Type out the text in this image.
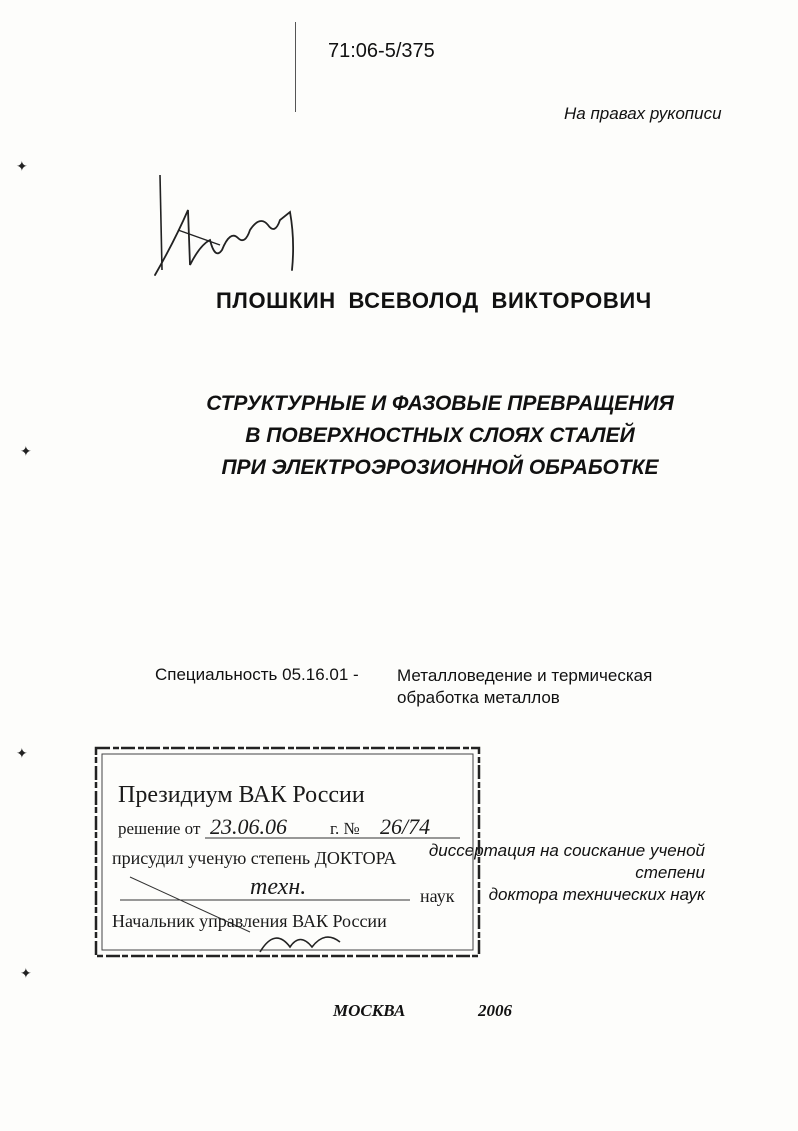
71:06-5/375
На правах рукописи
✦
✦
✦
✦
ПЛОШКИН ВСЕВОЛОД ВИКТОРОВИЧ
СТРУКТУРНЫЕ И ФАЗОВЫЕ ПРЕВРАЩЕНИЯ
В ПОВЕРХНОСТНЫХ СЛОЯХ СТАЛЕЙ
ПРИ ЭЛЕКТРОЭРОЗИОННОЙ ОБРАБОТКЕ
Специальность 05.16.01 - Металловедение и термическая
обработка металлов
диссертация на соискание ученой степени
доктора технических наук
Президиум ВАК России
решение от 23.06.06	г. № 26/74
присудил ученую степень ДОКТОРА
техн.	наук
Начальник управления ВАК России
МОСКВА	2006
